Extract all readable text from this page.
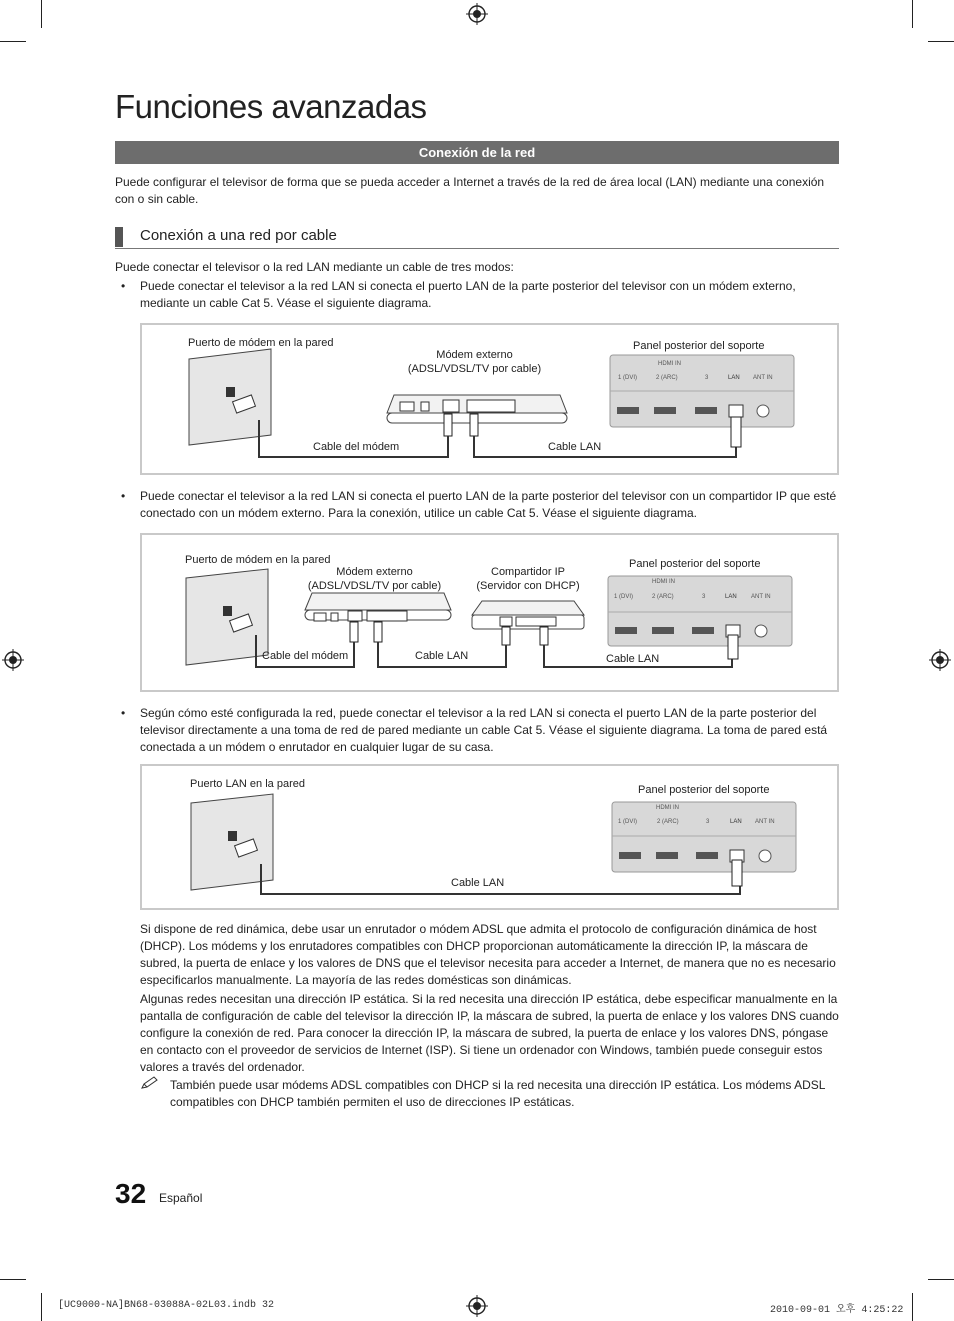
Funciones avanzadas
Conexión de la red
Puede configurar el televisor de forma que se pueda acceder a Internet a través de la red de área local (LAN) mediante una conexión con o sin cable.
Conexión a una red por cable
Puede conectar el televisor o la red LAN mediante un cable de tres modos:
• Puede conectar el televisor a la red LAN si conecta el puerto LAN de la parte posterior del televisor con un módem externo, mediante un cable Cat 5. Véase el siguiente diagrama.
Puerto de módem en la pared
Módem externo
(ADSL/VDSL/TV por cable)
Panel posterior del soporte
Cable del módem	Cable LAN
HDMI IN
1 (DVI)	2 (ARC)	3	LAN ANT IN
• Puede conectar el televisor a la red LAN si conecta el puerto LAN de la parte posterior del televisor con un compartidor IP que esté conectado con un módem externo. Para la conexión, utilice un cable Cat 5. Véase el siguiente diagrama.
Puerto de módem en la pared
Módem externo
(ADSL/VDSL/TV por cable)
Compartidor IP
(Servidor con DHCP)
Panel posterior del soporte
Cable del módem	Cable LAN	Cable LAN
HDMI IN
1 (DVI)	2 (ARC)	3	LAN ANT IN
• Según cómo esté configurada la red, puede conectar el televisor a la red LAN si conecta el puerto LAN de la parte posterior del televisor directamente a una toma de red de pared mediante un cable Cat 5. Véase el siguiente diagrama. La toma de pared está conectada a un módem o enrutador en cualquier lugar de su casa.
Puerto LAN en la pared	Panel posterior del soporte
Cable LAN
HDMI IN
1 (DVI)	2 (ARC)	3	LAN ANT IN
Si dispone de red dinámica, debe usar un enrutador o módem ADSL que admita el protocolo de configuración dinámica de host (DHCP). Los módems y los enrutadores compatibles con DHCP proporcionan automáticamente la dirección IP, la máscara de subred, la puerta de enlace y los valores de DNS que el televisor necesita para acceder a Internet, de manera que no es necesario especificarlos manualmente. La mayoría de las redes domésticas son dinámicas.
Algunas redes necesitan una dirección IP estática. Si la red necesita una dirección IP estática, debe especificar manualmente en la pantalla de configuración de cable del televisor la dirección IP, la máscara de subred, la puerta de enlace y los valores DNS cuando configure la conexión de red. Para conocer la dirección IP, la máscara de subred, la puerta de enlace y los valores DNS, póngase en contacto con el proveedor de servicios de Internet (ISP). Si tiene un ordenador con Windows, también puede conseguir estos valores a través del ordenador.
También puede usar módems ADSL compatibles con DHCP si la red necesita una dirección IP estática. Los módems ADSL compatibles con DHCP también permiten el uso de direcciones IP estáticas.
32 Español
[UC9000-NA]BN68-03088A-02L03.indb 32	2010-09-01 오후 4:25:22
